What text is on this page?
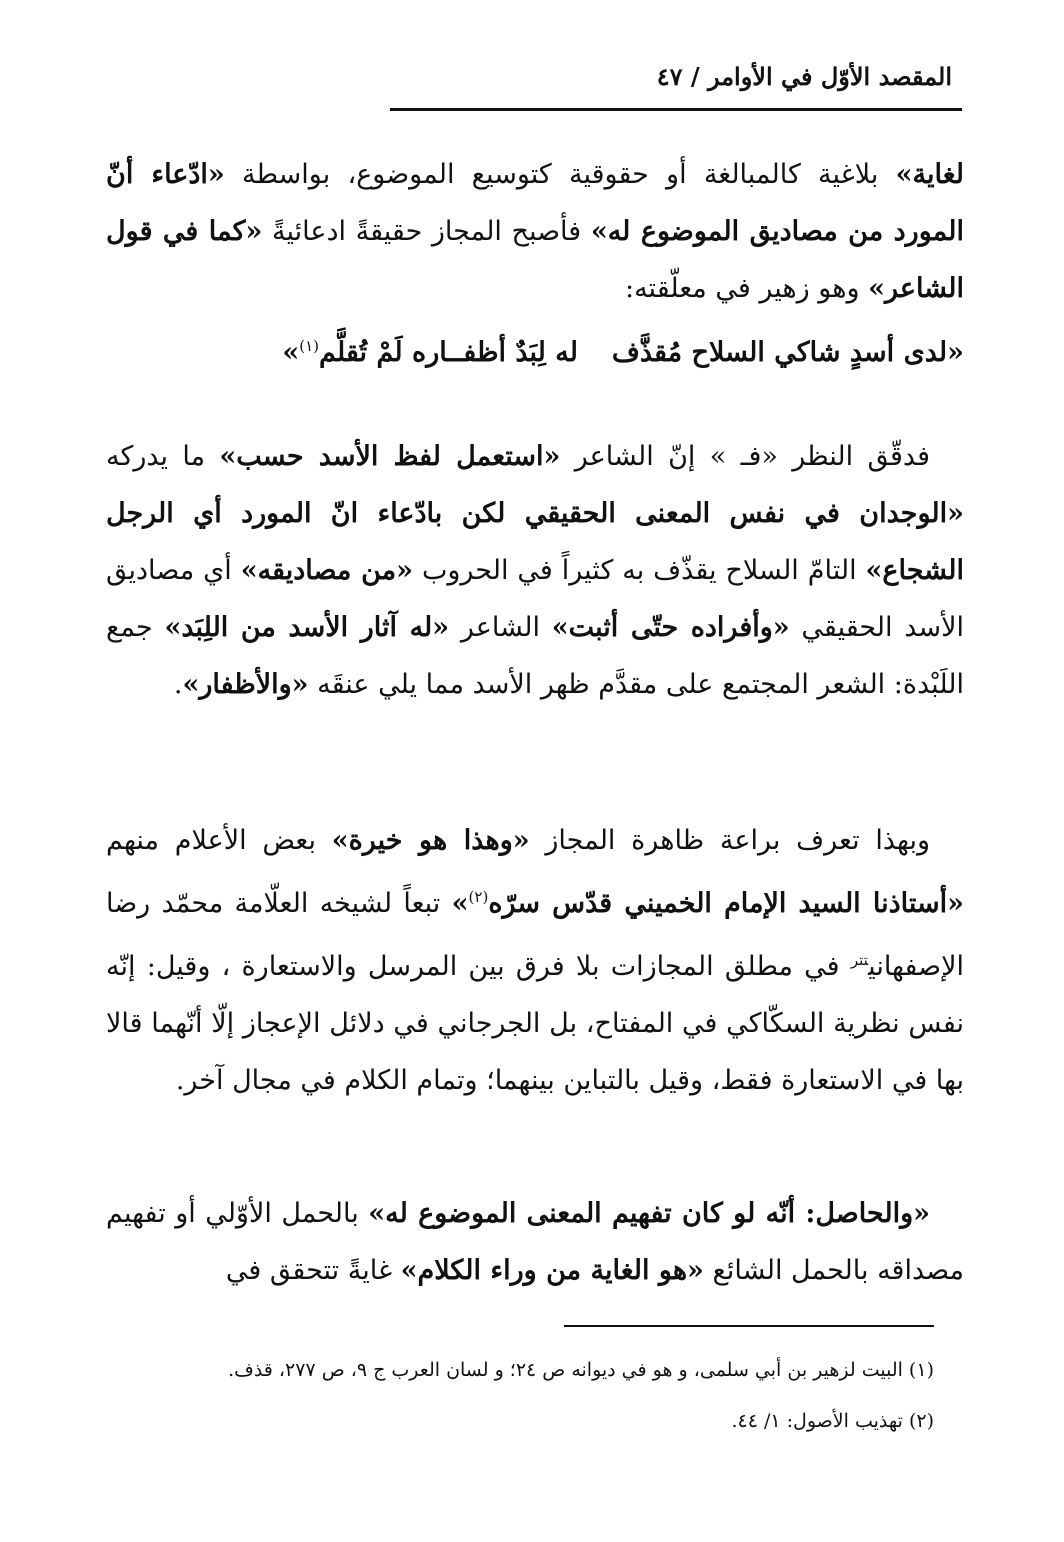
المقصد الأوّل في الأوامر / ٤٧
لغاية» بلاغية كالمبالغة أو حقوقية كتوسيع الموضوع، بواسطة «ادّعاء أنّ المورد من مصاديق الموضوع له» فأصبح المجاز حقيقةً ادعائيةً «كما في قول الشاعر» وهو زهير في معلّقته:
«لدى أسدٍ شاكي السلاح مُقذَّف
له لِبَدٌ أظفــاره لَمْ تُقلَّم$^{(١)}$»
فدقّق النظر «فـ » إنّ الشاعر «استعمل لفظ الأسد حسب» ما يدركه «الوجدان في نفس المعنى الحقيقي لكن بادّعاء انّ المورد أي الرجل الشجاع» التامّ السلاح يقذّف به كثيراً في الحروب «من مصاديقه» أي مصاديق الأسد الحقيقي «وأفراده حتّى أثبت» الشاعر «له آثار الأسد من اللِبَد» جمع اللَبْدة: الشعر المجتمع على مقدَّم ظهر الأسد مما يلي عنقَه «والأظفار».
وبهذا تعرف براعة ظاهرة المجاز «وهذا هو خيرة» بعض الأعلام منهم «أستاذنا السيد الإمام الخميني قدّس سرّه$^{(٢)}$» تبعاً لشيخه العلّامة محمّد رضا الإصفهاني$^{تتر}$ في مطلق المجازات بلا فرق بين المرسل والاستعارة ، وقيل: إنّه نفس نظرية السكّاكي في المفتاح، بل الجرجاني في دلائل الإعجاز إلّا أنّهما قالا بها في الاستعارة فقط، وقيل بالتباين بينهما؛ وتمام الكلام في مجال آخر.
«والحاصل: أنّه لو كان تفهيم المعنى الموضوع له» بالحمل الأوّلي أو تفهيم مصداقه بالحمل الشائع «هو الغاية من وراء الكلام» غايةً تتحقق في
(١) البيت لزهير بن أبي سلمى، و هو في ديوانه ص ٢٤؛ و لسان العرب ج ٩، ص ٢٧٧، قذف.
(٢) تهذيب الأصول: ١/ ٤٤.
